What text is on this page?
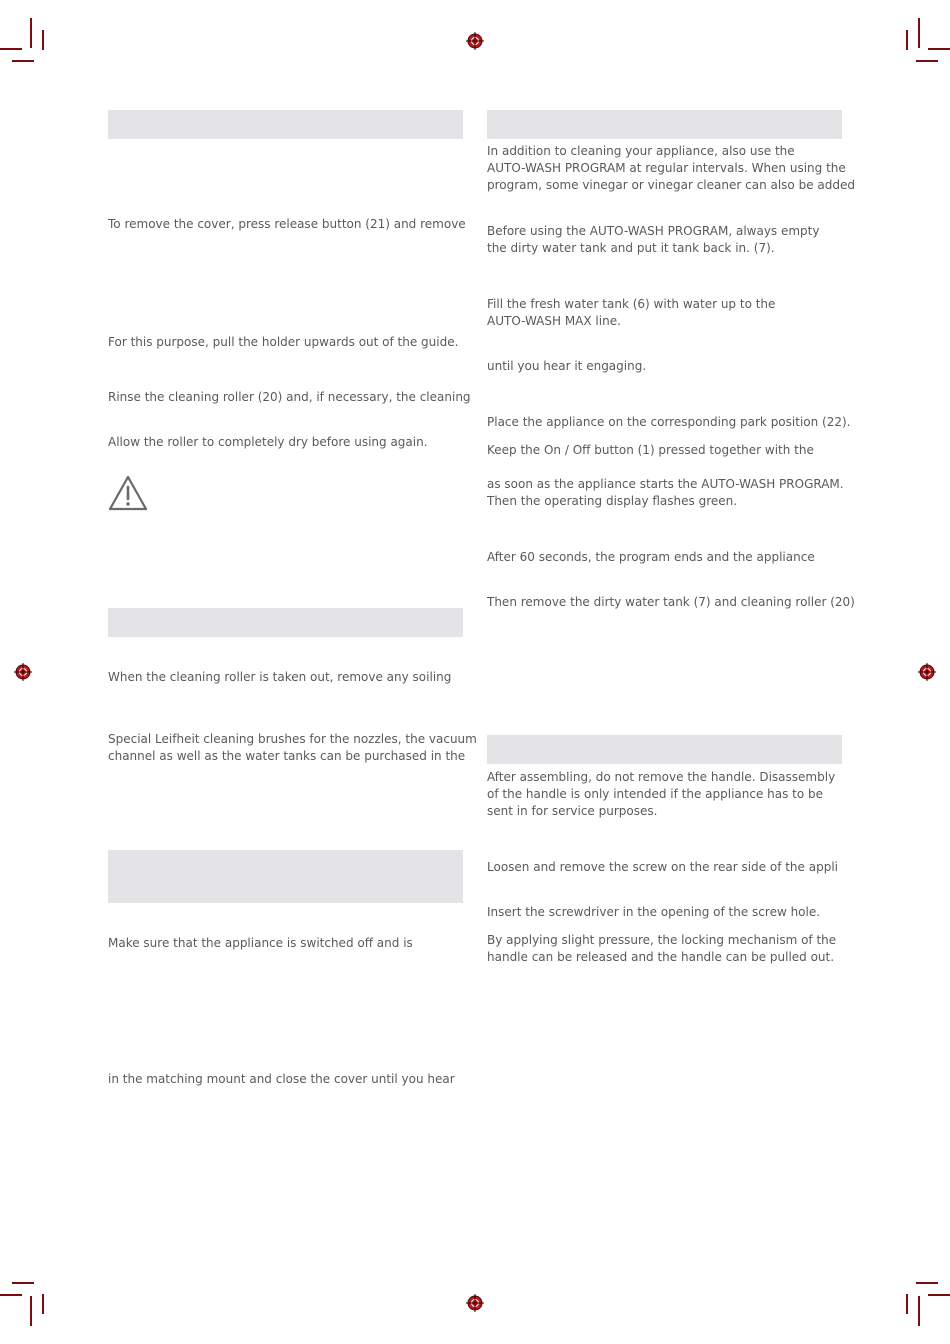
To remove the cover, press release button (21) and remove

For this purpose, pull the holder upwards out of the guide.

Rinse the cleaning roller (20) and, if necessary, the cleaning

Allow the roller to completely dry before using again.

When the cleaning roller is taken out, remove any soiling

Special Leifheit cleaning brushes for the nozzles, the vacuum
channel as well as the water tanks can be purchased in the

Make sure that the appliance is switched off and is

in the matching mount and close the cover until you hear

In addition to cleaning your appliance, also use the
AUTO-WASH PROGRAM at regular intervals. When using the
program, some vinegar or vinegar cleaner can also be added
Before using the AUTO-WASH PROGRAM, always empty
the dirty water tank and put it tank back in. (7).
Fill the fresh water tank (6) with water up to the
AUTO-WASH MAX line.

until you hear it engaging.

Place the appliance on the corresponding park position (22).

Keep the On / Off button (1) pressed together with the

as soon as the appliance starts the AUTO-WASH PROGRAM.
Then the operating display flashes green.

After 60 seconds, the program ends and the appliance

Then remove the dirty water tank (7) and cleaning roller (20)

After assembling, do not remove the handle. Disassembly
of the handle is only intended if the appliance has to be
sent in for service purposes.

Loosen and remove the screw on the rear side of the appli

Insert the screwdriver in the opening of the screw hole.

By applying slight pressure, the locking mechanism of the
handle can be released and the handle can be pulled out.
